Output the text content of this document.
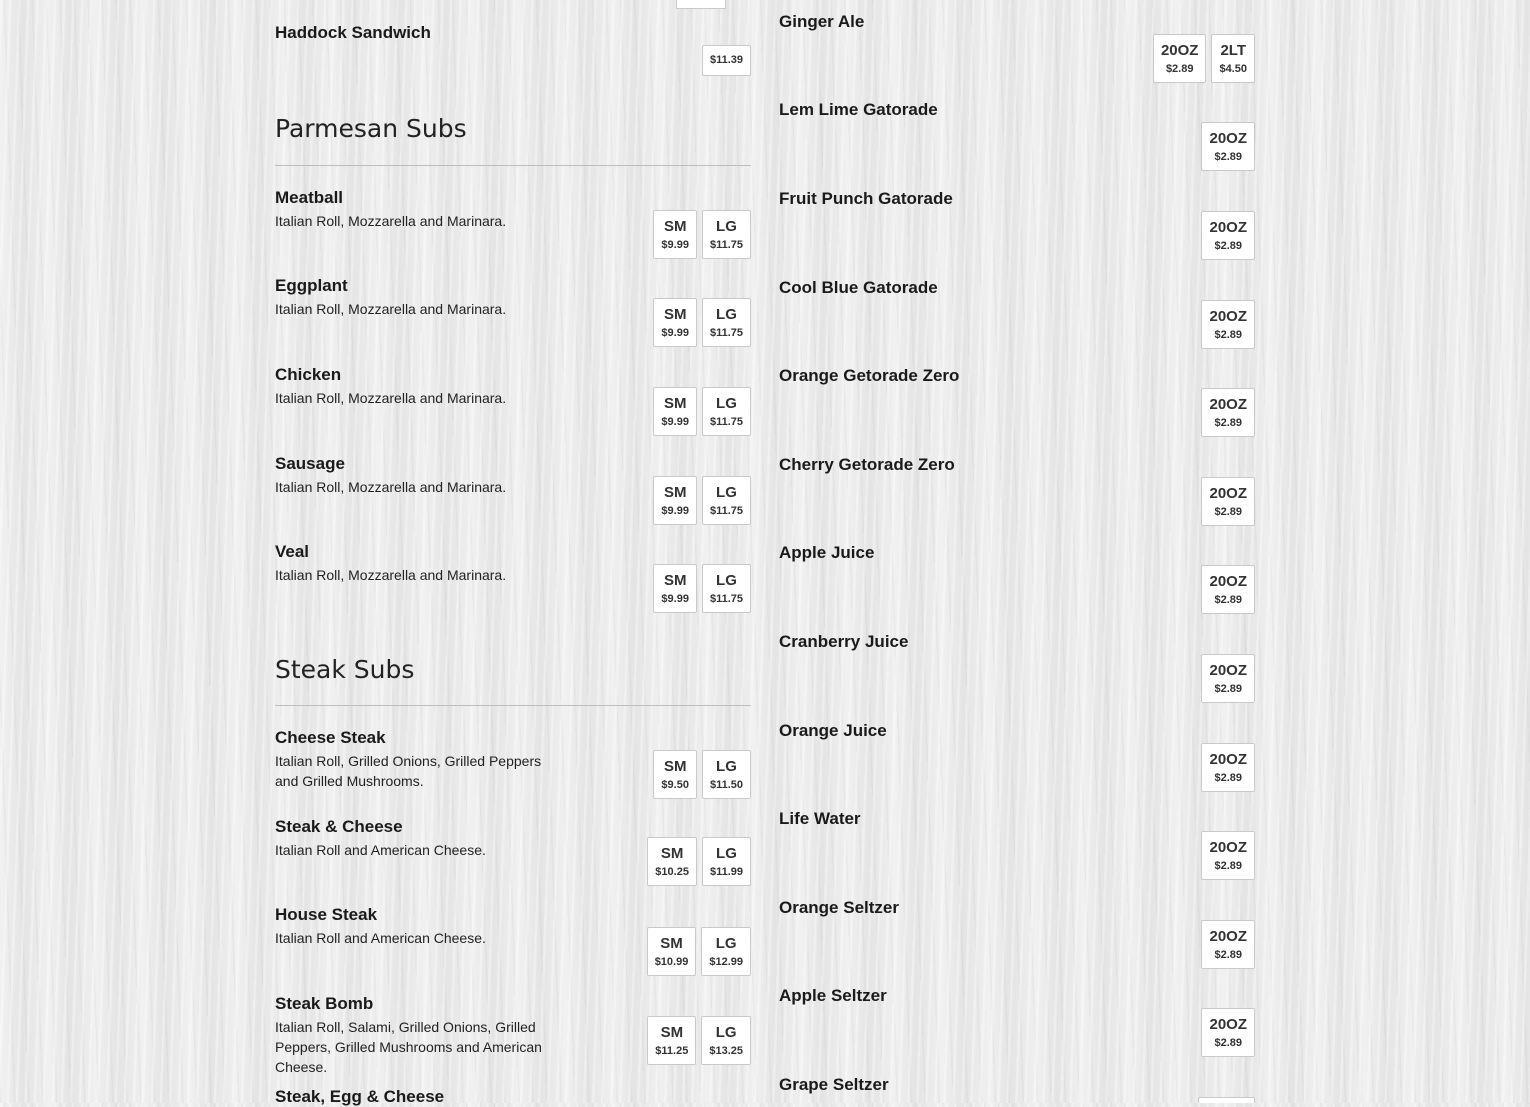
Haddock Sandwich
$11.39
Parmesan Subs
Meatball
Italian Roll, Mozzarella and Marinara.	SM
$9.99
LG
$11.75
Eggplant
Italian Roll, Mozzarella and Marinara.	SM
$9.99
LG
$11.75
Chicken
Italian Roll, Mozzarella and Marinara.	SM
$9.99
LG
$11.75
Sausage
Italian Roll, Mozzarella and Marinara.	SM
$9.99
LG
$11.75
Veal
Italian Roll, Mozzarella and Marinara.	SM
$9.99
LG
$11.75
Steak Subs
Cheese Steak
Italian Roll, Grilled Onions, Grilled Peppers and Grilled Mushrooms.
SM
$9.50
LG
$11.50
Steak & Cheese
Italian Roll and American Cheese.	SM
$10.25
LG
$11.99
House Steak
Italian Roll and American Cheese.	SM
$10.99
LG
$12.99
Steak Bomb
Italian Roll, Salami, Grilled Onions, Grilled Peppers, Grilled Mushrooms and American Cheese.
SM
$11.25
LG
$13.25
Steak, Egg & Cheese
Ginger Ale
20OZ
$2.89
2LT
$4.50
Lem Lime Gatorade
20OZ
$2.89
Fruit Punch Gatorade
20OZ
$2.89
Cool Blue Gatorade
20OZ
$2.89
Orange Getorade Zero
20OZ
$2.89
Cherry Getorade Zero
20OZ
$2.89
Apple Juice
20OZ
$2.89
Cranberry Juice
20OZ
$2.89
Orange Juice
20OZ
$2.89
Life Water
20OZ
$2.89
Orange Seltzer
20OZ
$2.89
Apple Seltzer
20OZ
$2.89
Grape Seltzer
